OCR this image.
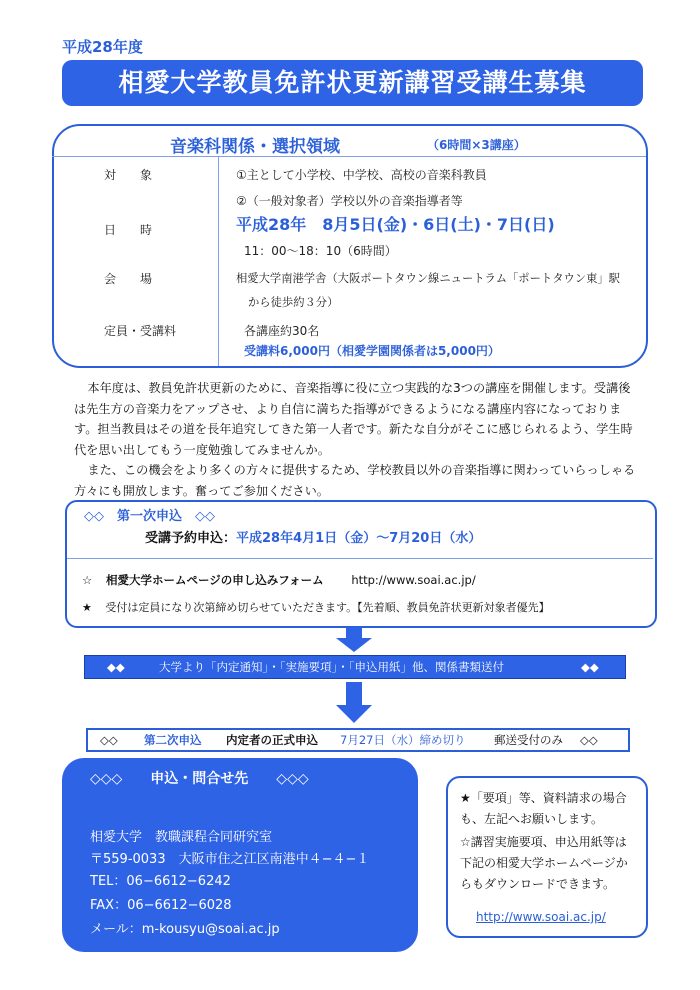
平成28年度
相愛大学教員免許状更新講習受講生募集
音楽科関係・選択領域	（6時間×3講座）
対　　象	①主として小学校、中学校、高校の音楽科教員
②（一般対象者）学校以外の音楽指導者等
日　　時	平成28年　8月5日(金)・6日(土)・7日(日)
11：00〜18：10（6時間）
会　　場	相愛大学南港学舎（大阪ポートタウン線ニュートラム「ポートタウン東」駅
から徒歩約３分）
定員・受講料	各講座約30名
受講料6,000円（相愛学園関係者は5,000円）

本年度は、教員免許状更新のために、音楽指導に役に立つ実践的な3つの講座を開催します。受講後は先生方の音楽力をアップさせ、より自信に満ちた指導ができるようになる講座内容になっております。担当教員はその道を長年追究してきた第一人者です。新たな自分がそこに感じられるよう、学生時代を思い出してもう一度勉強してみませんか。

また、この機会をより多くの方々に提供するため、学校教員以外の音楽指導に関わっていらっしゃる方々にも開放します。奮ってご参加ください。

◇◇　第一次申込　◇◇
受講予約申込：平成28年4月1日（金）〜7月20日（水）
☆ 相愛大学ホームページの申し込みフォーム http://www.soai.ac.jp/
★ 受付は定員になり次第締め切らせていただきます。【先着順、教員免許状更新対象者優先】
◆◆	大学より「内定通知」・「実施要項」・「申込用紙」他、関係書類送付	◆◆
◇◇ 第二次申込 内定者の正式申込 7月27日（水）締め切り 郵送受付のみ ◇◇
◇◇◇　　申込・問合せ先　　◇◇◇
相愛大学　教職課程合同研究室
〒559-0033　大阪市住之江区南港中４−４−１
TEL：06−6612−6242
FAX：06−6612−6028
メール：m-kousyu@soai.ac.jp
★「要項」等、資料請求の場合も、左記へお願いします。
☆講習実施要項、申込用紙等は下記の相愛大学ホームページからもダウンロードできます。
http://www.soai.ac.jp/
